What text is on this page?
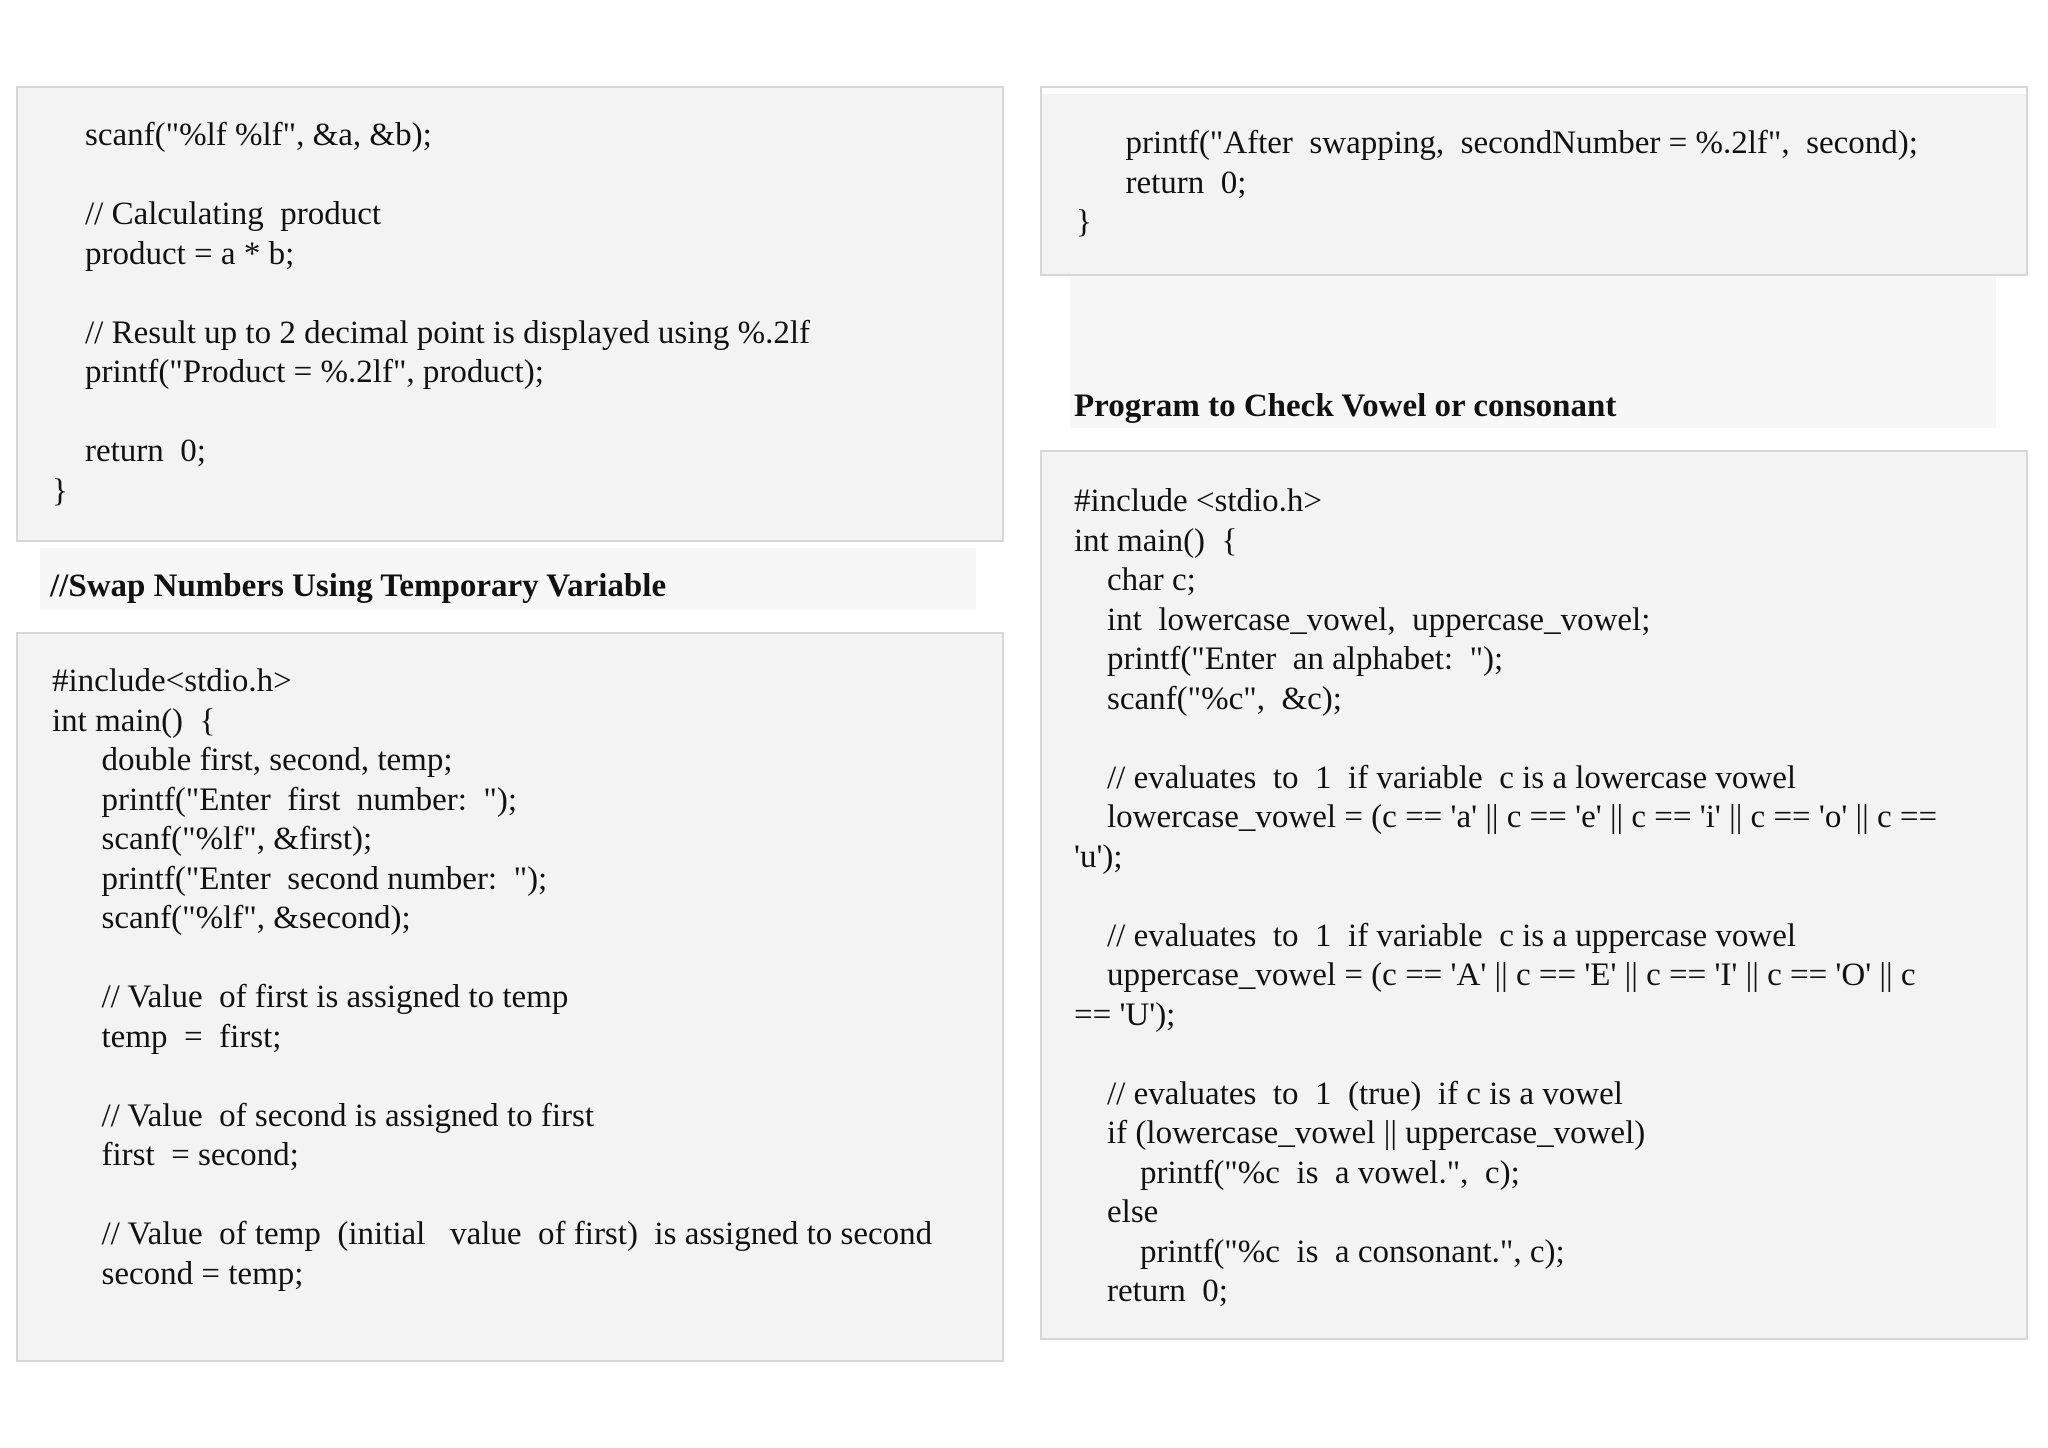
scanf("%lf %lf", &a, &b);
// Calculating  product
product = a * b;
// Result up to 2 decimal point is displayed using %.2lf
printf("Product = %.2lf", product);
return  0;
}
//Swap Numbers Using Temporary Variable
#include<stdio.h>
int main()  {
double first, second, temp;
printf("Enter  first  number:  ");
scanf("%lf", &first);
printf("Enter  second number:  ");
scanf("%lf", &second);
// Value  of first is assigned to temp
temp  =  first;
// Value  of second is assigned to first
first  = second;
// Value  of temp  (initial   value  of first)  is assigned to second
second = temp;
printf("After  swapping,  secondNumber = %.2lf",  second);
return  0;
}
Program to Check Vowel or consonant
#include <stdio.h>
int main()  {
char c;
int  lowercase_vowel,  uppercase_vowel;
printf("Enter  an alphabet:  ");
scanf("%c",  &c);
// evaluates  to  1  if variable  c is a lowercase vowel
lowercase_vowel = (c == 'a' || c == 'e' || c == 'i' || c == 'o' || c ==
'u');
// evaluates  to  1  if variable  c is a uppercase vowel
uppercase_vowel = (c == 'A' || c == 'E' || c == 'I' || c == 'O' || c
== 'U');
// evaluates  to  1  (true)  if c is a vowel
if (lowercase_vowel || uppercase_vowel)
printf("%c  is  a vowel.",  c);
else
printf("%c  is  a consonant.", c);
return  0;
